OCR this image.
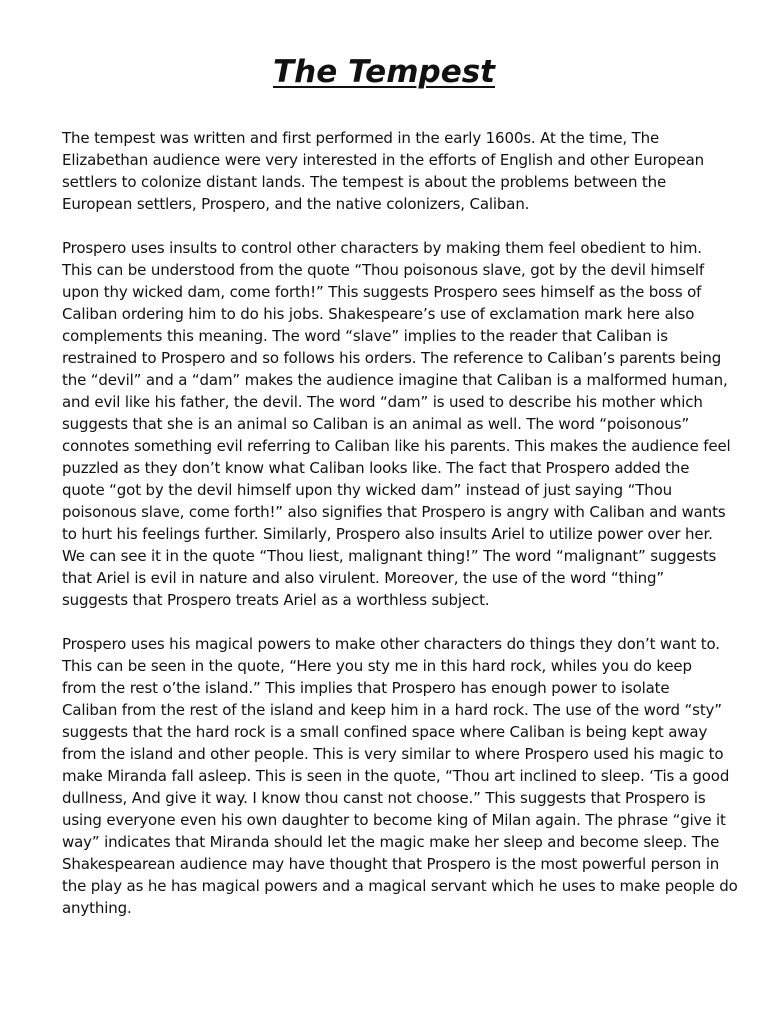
The Tempest

The tempest was written and first performed in the early 1600s. At the time, The
Elizabethan audience were very interested in the efforts of English and other European
settlers to colonize distant lands. The tempest is about the problems between the
European settlers, Prospero, and the native colonizers, Caliban.

Prospero uses insults to control other characters by making them feel obedient to him.
This can be understood from the quote “Thou poisonous slave, got by the devil himself
upon thy wicked dam, come forth!” This suggests Prospero sees himself as the boss of
Caliban ordering him to do his jobs. Shakespeare’s use of exclamation mark here also
complements this meaning. The word “slave” implies to the reader that Caliban is
restrained to Prospero and so follows his orders. The reference to Caliban’s parents being
the “devil” and a “dam” makes the audience imagine that Caliban is a malformed human,
and evil like his father, the devil. The word “dam” is used to describe his mother which
suggests that she is an animal so Caliban is an animal as well. The word “poisonous”
connotes something evil referring to Caliban like his parents. This makes the audience feel
puzzled as they don’t know what Caliban looks like. The fact that Prospero added the
quote “got by the devil himself upon thy wicked dam” instead of just saying “Thou
poisonous slave, come forth!” also signifies that Prospero is angry with Caliban and wants
to hurt his feelings further. Similarly, Prospero also insults Ariel to utilize power over her.
We can see it in the quote “Thou liest, malignant thing!” The word “malignant” suggests
that Ariel is evil in nature and also virulent. Moreover, the use of the word “thing”
suggests that Prospero treats Ariel as a worthless subject.

Prospero uses his magical powers to make other characters do things they don’t want to.
This can be seen in the quote, “Here you sty me in this hard rock, whiles you do keep
from the rest o’the island.” This implies that Prospero has enough power to isolate
Caliban from the rest of the island and keep him in a hard rock. The use of the word “sty”
suggests that the hard rock is a small confined space where Caliban is being kept away
from the island and other people. This is very similar to where Prospero used his magic to
make Miranda fall asleep. This is seen in the quote, “Thou art inclined to sleep. ‘Tis a good
dullness, And give it way. I know thou canst not choose.” This suggests that Prospero is
using everyone even his own daughter to become king of Milan again. The phrase “give it
way” indicates that Miranda should let the magic make her sleep and become sleep. The
Shakespearean audience may have thought that Prospero is the most powerful person in
the play as he has magical powers and a magical servant which he uses to make people do
anything.
